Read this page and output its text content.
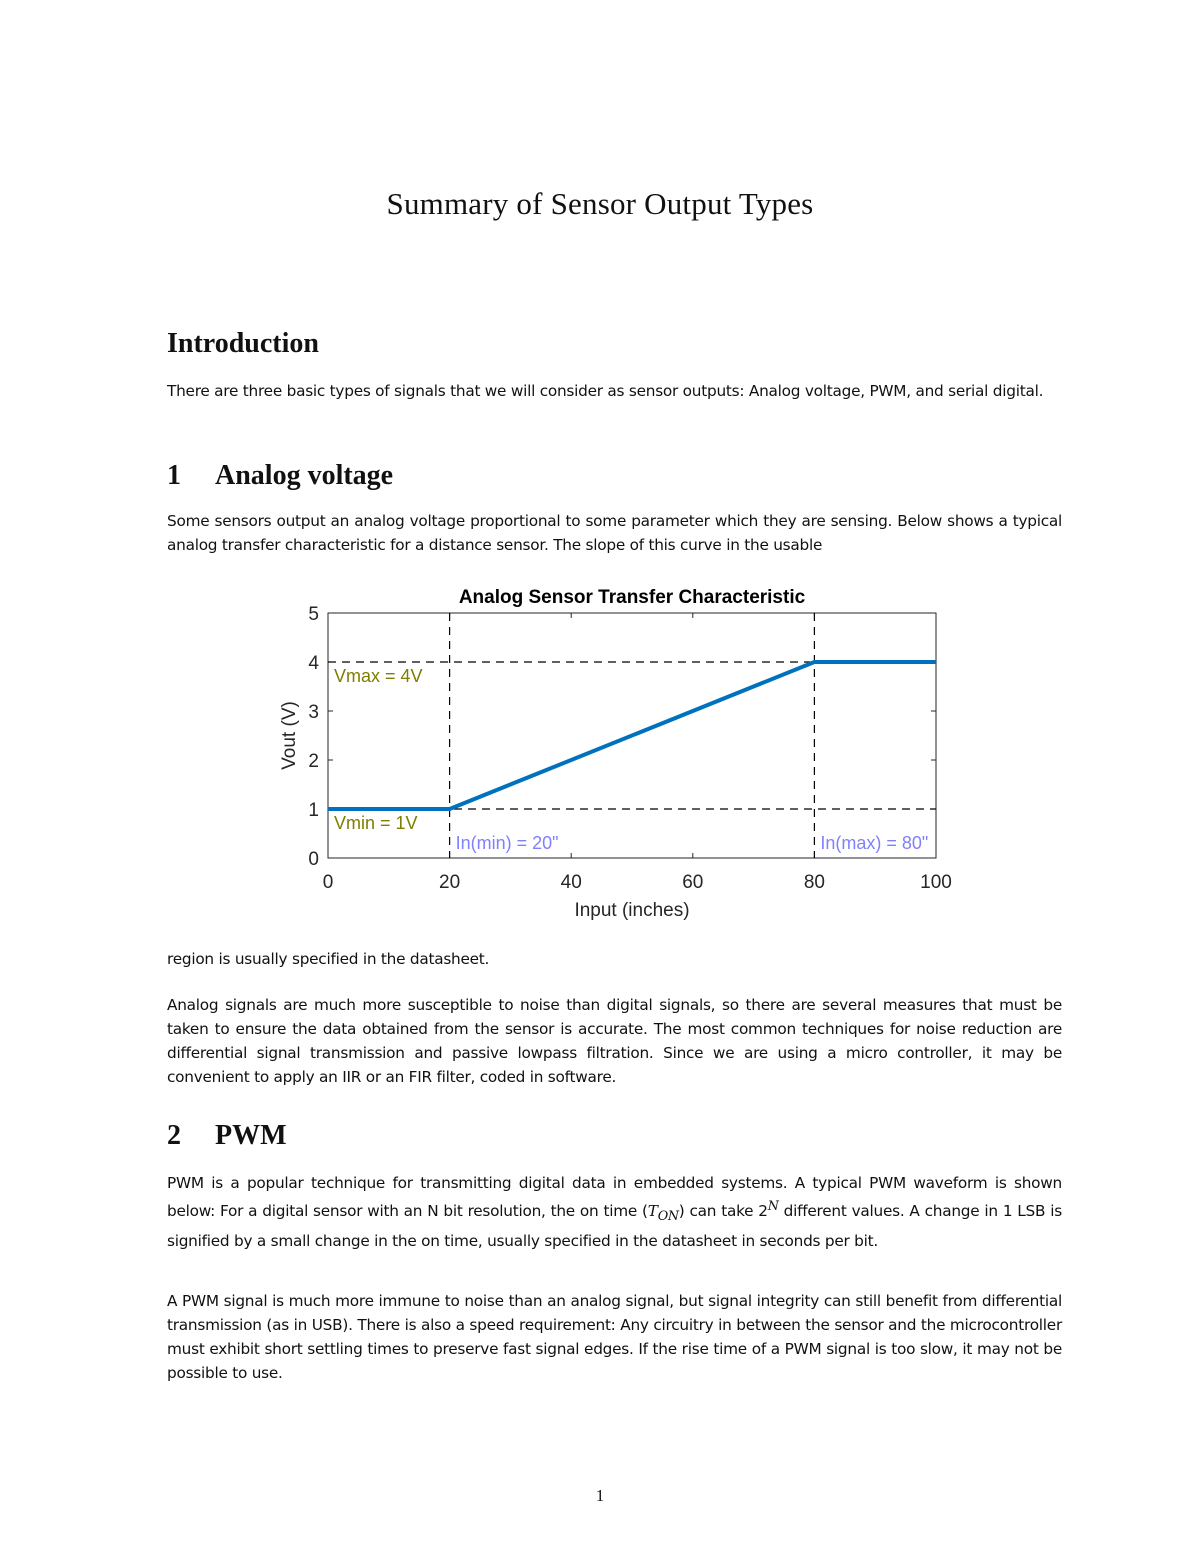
Summary of Sensor Output Types
Introduction

There are three basic types of signals that we will consider as sensor outputs: Analog voltage, PWM, and serial digital.

1 Analog voltage

Some sensors output an analog voltage proportional to some parameter which they are sensing. Below shows a typical analog transfer characteristic for a distance sensor. The slope of this curve in the usable

Analog Sensor Transfer Characteristic
Input (inches)
Vout (V)
0	20	40	60	80	100
0
1
2
3
4
5
Vmax = 4V
Vmin = 1V
In(min) = 20"	In(max) = 80"

region is usually specified in the datasheet.

Analog signals are much more susceptible to noise than digital signals, so there are several measures that must be taken to ensure the data obtained from the sensor is accurate. The most common techniques for noise reduction are differential signal transmission and passive lowpass filtration. Since we are using a micro controller, it may be convenient to apply an IIR or an FIR filter, coded in software.

2 PWM

PWM is a popular technique for transmitting digital data in embedded systems. A typical PWM waveform is shown below: For a digital sensor with an N bit resolution, the on time $(T_{ON})$ can take $2^N$ different values. A change in 1 LSB is signified by a small change in the on time, usually specified in the datasheet in seconds per bit.

A PWM signal is much more immune to noise than an analog signal, but signal integrity can still benefit from differential transmission (as in USB). There is also a speed requirement: Any circuitry in between the sensor and the microcontroller must exhibit short settling times to preserve fast signal edges. If the rise time of a PWM signal is too slow, it may not be possible to use.

1
